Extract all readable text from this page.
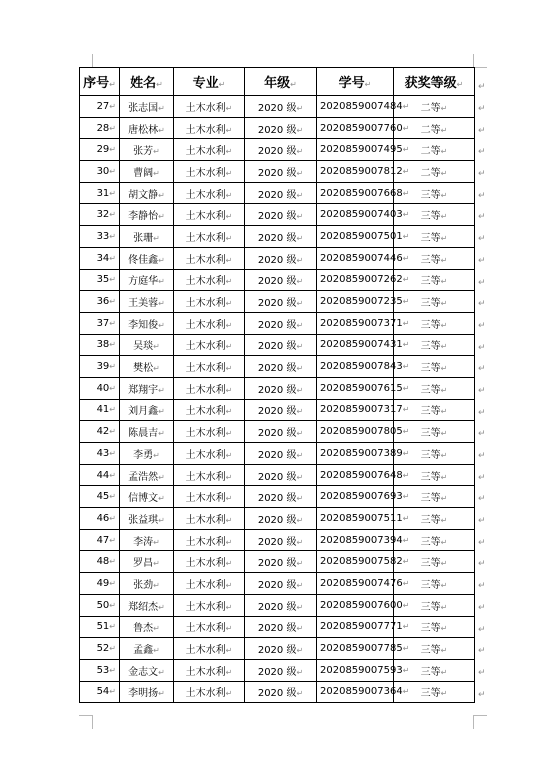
序号↵	姓名↵	专业↵	年级↵	学号↵	获奖等级↵
27↵	张志国↵	土木水利↵	2020 级↵	2020859007484↵	二等↵
28↵	唐松林↵	土木水利↵	2020 级↵	2020859007760↵	二等↵
29↵	张芳↵	土木水利↵	2020 级↵	2020859007495↵	二等↵
30↵	曹阔↵	土木水利↵	2020 级↵	2020859007812↵	二等↵
31↵	胡文静↵	土木水利↵	2020 级↵	2020859007668↵	三等↵
32↵	李静怡↵	土木水利↵	2020 级↵	2020859007403↵	三等↵
33↵	张珊↵	土木水利↵	2020 级↵	2020859007501↵	三等↵
34↵	佟佳鑫↵	土木水利↵	2020 级↵	2020859007446↵	三等↵
35↵	方庭华↵	土木水利↵	2020 级↵	2020859007262↵	三等↵
36↵	王美蓉↵	土木水利↵	2020 级↵	2020859007235↵	三等↵
37↵	李知俊↵	土木水利↵	2020 级↵	2020859007371↵	三等↵
38↵	吴琰↵	土木水利↵	2020 级↵	2020859007431↵	三等↵
39↵	樊松↵	土木水利↵	2020 级↵	2020859007843↵	三等↵
40↵	郑翔宇↵	土木水利↵	2020 级↵	2020859007615↵	三等↵
41↵	刘月鑫↵	土木水利↵	2020 级↵	2020859007317↵	三等↵
42↵	陈晨吉↵	土木水利↵	2020 级↵	2020859007805↵	三等↵
43↵	李勇↵	土木水利↵	2020 级↵	2020859007389↵	三等↵
44↵	孟浩然↵	土木水利↵	2020 级↵	2020859007648↵	三等↵
45↵	信博文↵	土木水利↵	2020 级↵	2020859007693↵	三等↵
46↵	张益琪↵	土木水利↵	2020 级↵	2020859007511↵	三等↵
47↵	李涛↵	土木水利↵	2020 级↵	2020859007394↵	三等↵
48↵	罗昌↵	土木水利↵	2020 级↵	2020859007582↵	三等↵
49↵	张劲↵	土木水利↵	2020 级↵	2020859007476↵	三等↵
50↵	郑绍杰↵	土木水利↵	2020 级↵	2020859007600↵	三等↵
51↵	鲁杰↵	土木水利↵	2020 级↵	2020859007771↵	三等↵
52↵	孟鑫↵	土木水利↵	2020 级↵	2020859007785↵	三等↵
53↵	金志文↵	土木水利↵	2020 级↵	2020859007593↵	三等↵
54↵	李明扬↵	土木水利↵	2020 级↵	2020859007364↵	三等↵
↵
↵
↵
↵
↵
↵
↵
↵
↵
↵
↵
↵
↵
↵
↵
↵
↵
↵
↵
↵
↵
↵
↵
↵
↵
↵
↵
↵
↵
